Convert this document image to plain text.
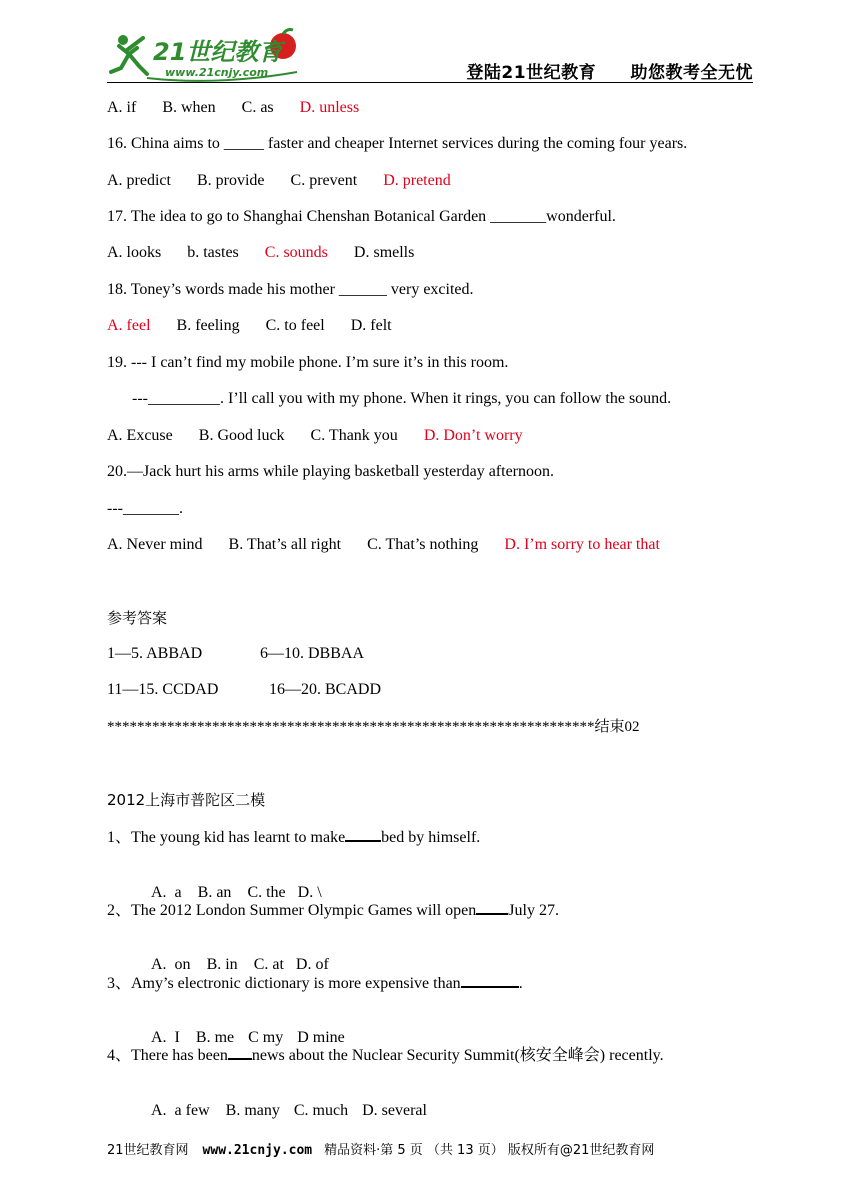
21世纪教育
www.21cnjy.com	登陆21世纪教育 助您教考全无忧
A. if B. when C. as D. unless
16. China aims to _____ faster and cheaper Internet services during the coming four years.
A. predict B. provide C. prevent D. pretend
17. The idea to go to Shanghai Chenshan Botanical Garden _______wonderful.
A. looks b. tastes C. sounds D. smells
18. Toney’s words made his mother ______ very excited.
A. feel B. feeling C. to feel D. felt
19. --- I can’t find my mobile phone. I’m sure it’s in this room.
---_________. I’ll call you with my phone. When it rings, you can follow the sound.
A. Excuse B. Good luck C. Thank you D. Don’t worry
20.—Jack hurt his arms while playing basketball yesterday afternoon.
---_______.
A. Never mind B. That’s all right C. That’s nothing D. I’m sorry to hear that
参考答案
1—5. ABBAD	6—10. DBBAA
11—15. CCDAD	16—20. BCADD
*****************************************************************结束02
2012上海市普陀区二模
1、The young kid has learnt to make bed by himself.

A.  a B. an C. the D. \

2、The 2012 London Summer Olympic Games will open July 27.

A.  on B. in C. at D. of

3、Amy’s electronic dictionary is more expensive than	.

A.  I B. me C my D mine

4、There has been news about the Nuclear Security Summit(核安全峰会) recently.

A.  a few B. many C. much D. several

21世纪教育网 www.21cnjy.com 精品资料·第 5 页 （共 13 页） 版权所有@21世纪教育网
